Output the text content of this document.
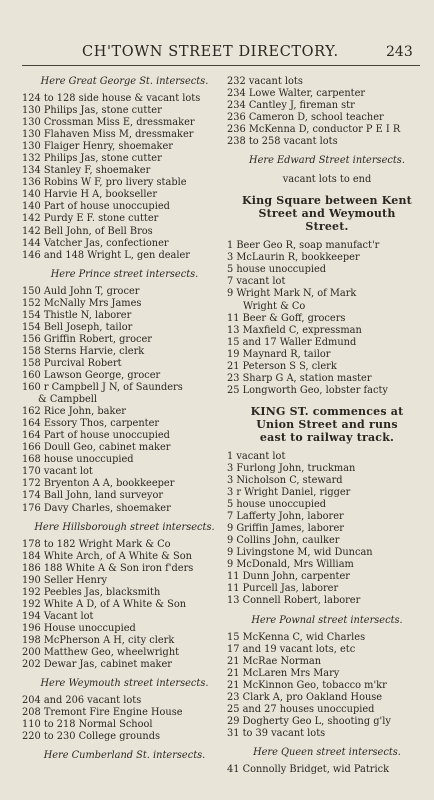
CH'TOWN STREET DIRECTORY.	243
Here Great George St. intersects.
124 to 128 side house & vacant lots
130 Philips Jas, stone cutter
130 Crossman Miss E, dressmaker
130 Flahaven Miss M, dressmaker
130 Flaiger Henry, shoemaker
132 Philips Jas, stone cutter
134 Stanley F, shoemaker
136 Robins W F, pro livery stable
140 Harvie H A, bookseller
140 Part of house unoccupied
142 Purdy E F. stone cutter
142 Bell John, of Bell Bros
144 Vatcher Jas, confectioner
146 and 148 Wright L, gen dealer
Here Prince street intersects.
150 Auld John T, grocer
152 McNally Mrs James
154 Thistle N, laborer
154 Bell Joseph, tailor
156 Griffin Robert, grocer
158 Sterns Harvie, clerk
158 Purcival Robert
160 Lawson George, grocer
160 r Campbell J N, of Saunders
& Campbell
162 Rice John, baker
164 Essory Thos, carpenter
164 Part of house unoccupied
166 Doull Geo, cabinet maker
168 house unoccupied
170 vacant lot
172 Bryenton A A, bookkeeper
174 Ball John, land surveyor
176 Davy Charles, shoemaker
Here Hillsborough street intersects.
178 to 182 Wright Mark & Co
184 White Arch, of A White & Son
186 188 White A & Son iron f'ders
190 Seller Henry
192 Peebles Jas, blacksmith
192 White A D, of A White & Son
194 Vacant lot
196 House unoccupied
198 McPherson A H, city clerk
200 Matthew Geo, wheelwright
202 Dewar Jas, cabinet maker
Here Weymouth street intersects.
204 and 206 vacant lots
208 Tremont Fire Engine House
110 to 218 Normal School
220 to 230 College grounds
Here Cumberland St. intersects.
232 vacant lots
234 Lowe Walter, carpenter
234 Cantley J, fireman str
236 Cameron D, school teacher
236 McKenna D, conductor P E I R
238 to 258 vacant lots
Here Edward Street intersects.
vacant lots to end
King Square between Kent
Street and Weymouth
Street.
1 Beer Geo R, soap manufact'r
3 McLaurin R, bookkeeper
5 house unoccupied
7 vacant lot
9 Wright Mark N, of Mark
Wright & Co
11 Beer & Goff, grocers
13 Maxfield C, expressman
15 and 17 Waller Edmund
19 Maynard R, tailor
21 Peterson S S, clerk
23 Sharp G A, station master
25 Longworth Geo, lobster facty
KING ST. commences at
Union Street and runs
east to railway track.
1 vacant lot
3 Furlong John, truckman
3 Nicholson C, steward
3 r Wright Daniel, rigger
5 house unoccupied
7 Lafferty John, laborer
9 Griffin James, laborer
9 Collins John, caulker
9 Livingstone M, wid Duncan
9 McDonald, Mrs William
11 Dunn John, carpenter
11 Purcell Jas, laborer
13 Connell Robert, laborer
Here Pownal street intersects.
15 McKenna C, wid Charles
17 and 19 vacant lots, etc
21 McRae Norman
21 McLaren Mrs Mary
21 McKinnon Geo, tobacco m'kr
23 Clark A, pro Oakland House
25 and 27 houses unoccupied
29 Dogherty Geo L, shooting g'ly
31 to 39 vacant lots
Here Queen street intersects.
41 Connolly Bridget, wid Patrick
